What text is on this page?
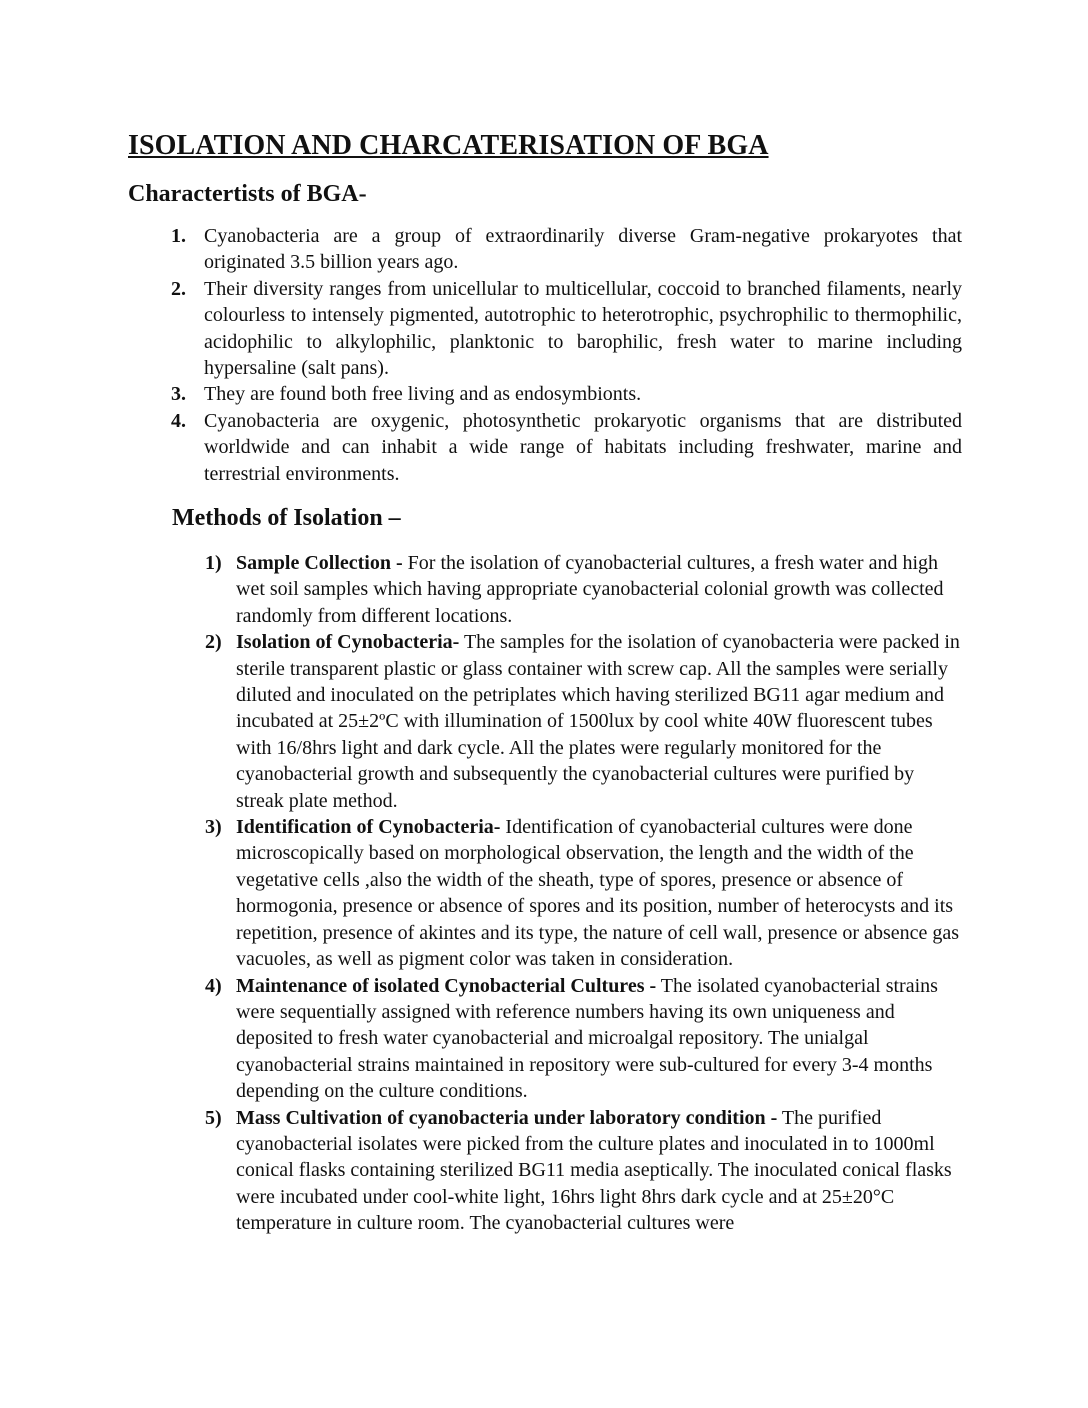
ISOLATION AND CHARCATERISATION OF BGA
Charactertists of BGA-
1. Cyanobacteria are a group of extraordinarily diverse Gram-negative prokaryotes that originated 3.5 billion years ago.
2. Their diversity ranges from unicellular to multicellular, coccoid to branched filaments, nearly colourless to intensely pigmented, autotrophic to heterotrophic, psychrophilic to thermophilic, acidophilic to alkylophilic, planktonic to barophilic, fresh water to marine including hypersaline (salt pans).
3. They are found both free living and as endosymbionts.
4. Cyanobacteria are oxygenic, photosynthetic prokaryotic organisms that are distributed worldwide and can inhabit a wide range of habitats including freshwater, marine and terrestrial environments.
Methods of Isolation –
1) Sample Collection - For the isolation of cyanobacterial cultures, a fresh water and high wet soil samples which having appropriate cyanobacterial colonial growth was collected randomly from different locations.
2) Isolation of Cynobacteria- The samples for the isolation of cyanobacteria were packed in sterile transparent plastic or glass container with screw cap. All the samples were serially diluted and inoculated on the petriplates which having sterilized BG11 agar medium and incubated at 25±2ºC with illumination of 1500lux by cool white 40W fluorescent tubes with 16/8hrs light and dark cycle. All the plates were regularly monitored for the cyanobacterial growth and subsequently the cyanobacterial cultures were purified by streak plate method.
3) Identification of Cynobacteria- Identification of cyanobacterial cultures were done microscopically based on morphological observation, the length and the width of the vegetative cells ,also the width of the sheath, type of spores, presence or absence of hormogonia, presence or absence of spores and its position, number of heterocysts and its repetition, presence of akintes and its type, the nature of cell wall, presence or absence gas vacuoles, as well as pigment color was taken in consideration.
4) Maintenance of isolated Cynobacterial Cultures - The isolated cyanobacterial strains were sequentially assigned with reference numbers having its own uniqueness and deposited to fresh water cyanobacterial and microalgal repository. The unialgal cyanobacterial strains maintained in repository were sub-cultured for every 3-4 months depending on the culture conditions.
5) Mass Cultivation of cyanobacteria under laboratory condition - The purified cyanobacterial isolates were picked from the culture plates and inoculated in to 1000ml conical flasks containing sterilized BG11 media aseptically. The inoculated conical flasks were incubated under cool-white light, 16hrs light 8hrs dark cycle and at 25±20°C temperature in culture room. The cyanobacterial cultures were
